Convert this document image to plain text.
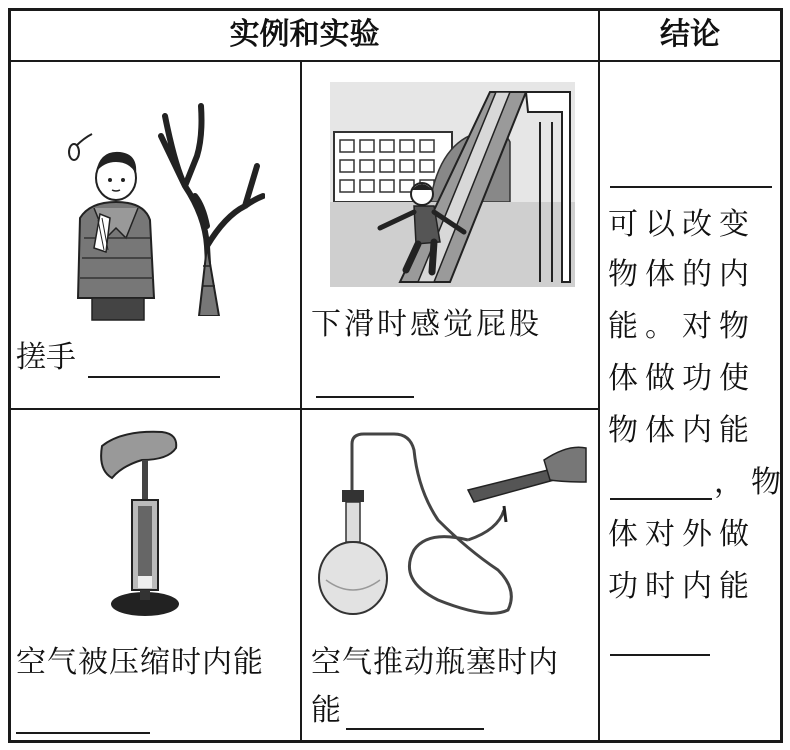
实例和实验	结论
搓手
下滑时感觉屁股
空气被压缩时内能 空气推动瓶塞时内
能
可以改变
物体的内
能。对物
体做功使
物体内能
，物
体对外做
功时内能
